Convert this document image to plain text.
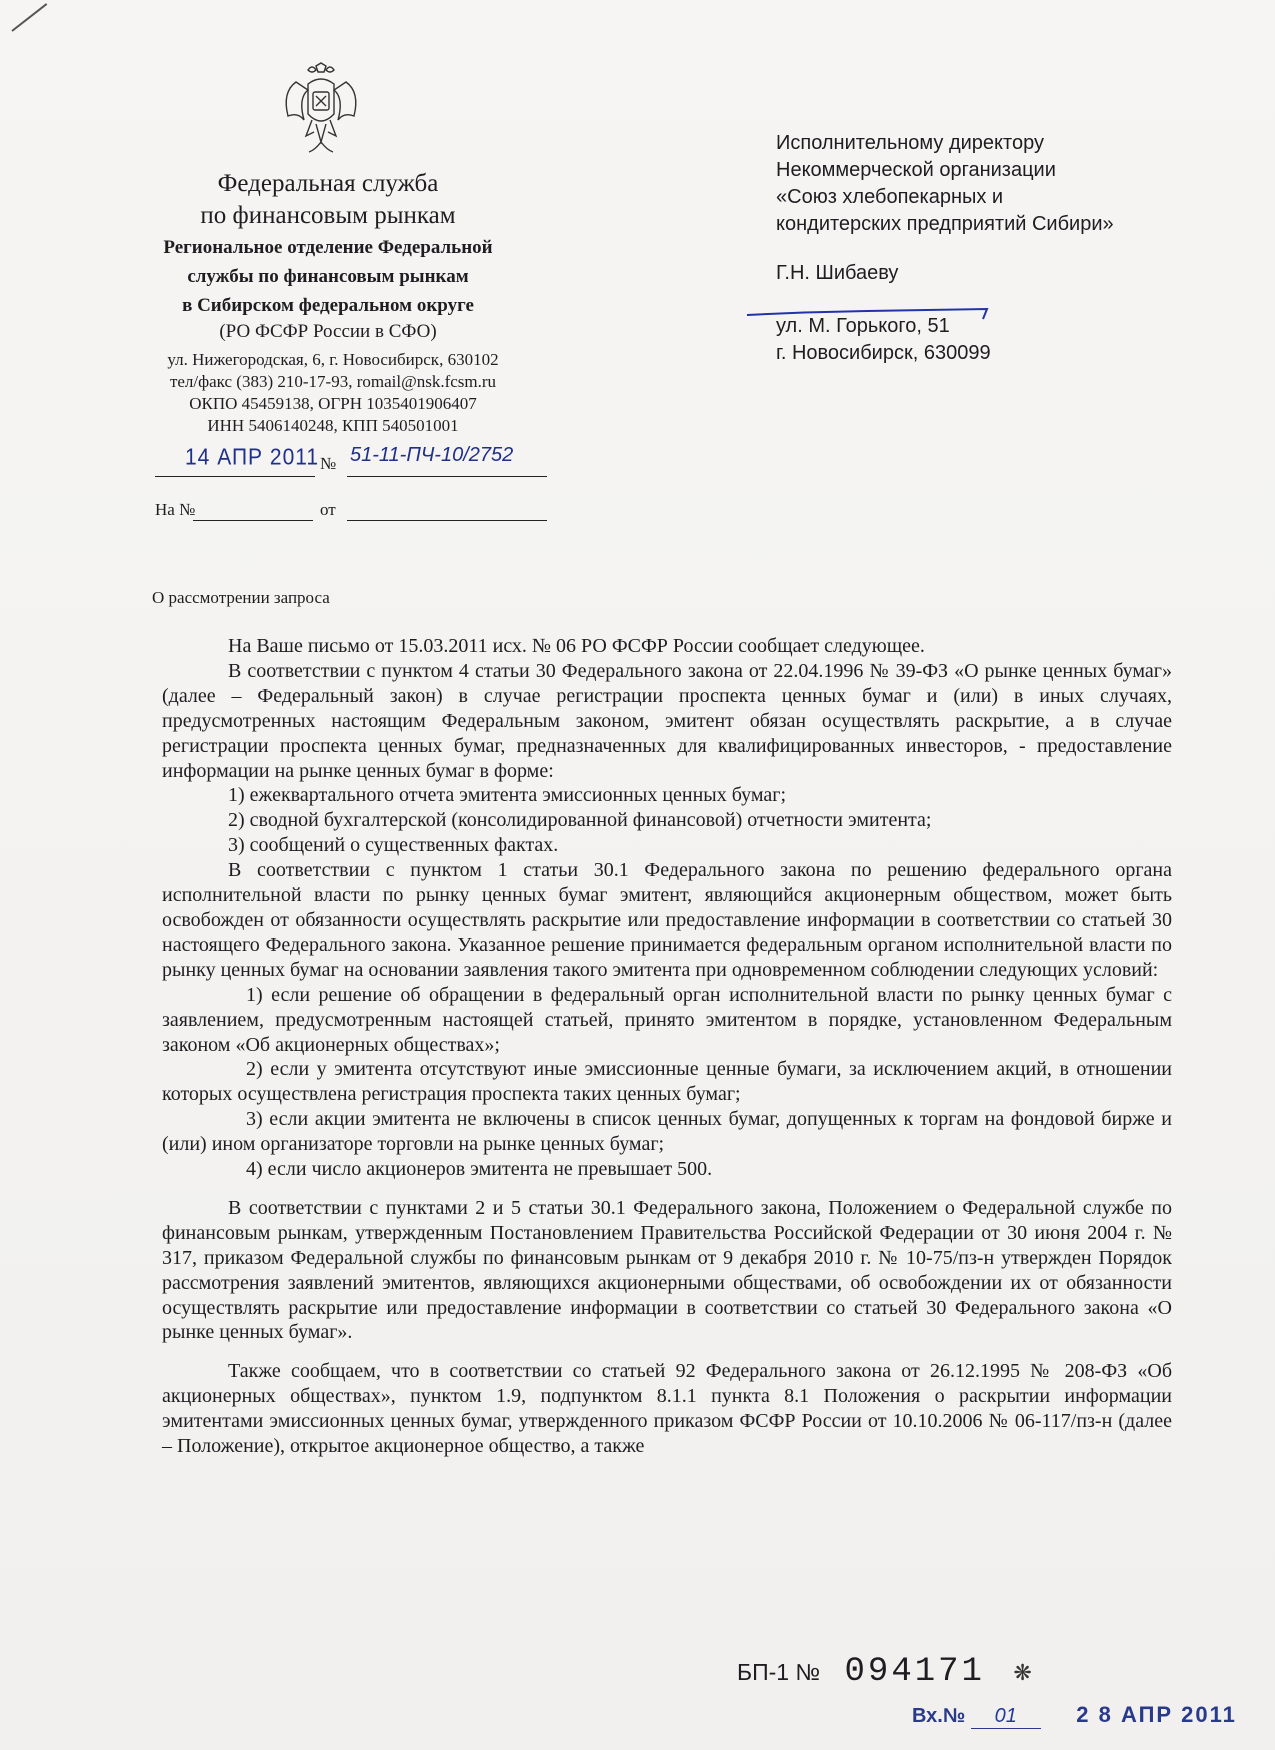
Федеральная служба
по финансовым рынкам
Региональное отделение Федеральной
службы по финансовым рынкам
в Сибирском федеральном округе
(РО ФСФР России в СФО)
ул. Нижегородская, 6, г. Новосибирск, 630102
тел/факс (383) 210-17-93, romail@nsk.fcsm.ru
ОКПО 45459138, ОГРН 1035401906407
ИНН 5406140248, КПП 540501001
14 АПР 2011 № 51-11-ПЧ-10/2752
На №	от
О рассмотрении запроса
Исполнительному директору
Некоммерческой организации
«Союз хлебопекарных и
кондитерских предприятий Сибири»
Г.Н. Шибаеву
ул. М. Горького, 51
г. Новосибирск, 630099

На Ваше письмо от 15.03.2011 исх. № 06 РО ФСФР России сообщает следующее.

В соответствии с пунктом 4 статьи 30 Федерального закона от 22.04.1996 № 39-ФЗ «О рынке ценных бумаг» (далее – Федеральный закон) в случае регистрации проспекта ценных бумаг и (или) в иных случаях, предусмотренных настоящим Федеральным законом, эмитент обязан осуществлять раскрытие, а в случае регистрации проспекта ценных бумаг, предназначенных для квалифицированных инвесторов, - предоставление информации на рынке ценных бумаг в форме:

1) ежеквартального отчета эмитента эмиссионных ценных бумаг;

2) сводной бухгалтерской (консолидированной финансовой) отчетности эмитента;

3) сообщений о существенных фактах.

В соответствии с пунктом 1 статьи 30.1 Федерального закона по решению федерального органа исполнительной власти по рынку ценных бумаг эмитент, являющийся акционерным обществом, может быть освобожден от обязанности осуществлять раскрытие или предоставление информации в соответствии со статьей 30 настоящего Федерального закона. Указанное решение принимается федеральным органом исполнительной власти по рынку ценных бумаг на основании заявления такого эмитента при одновременном соблюдении следующих условий:

1) если решение об обращении в федеральный орган исполнительной власти по рынку ценных бумаг с заявлением, предусмотренным настоящей статьей, принято эмитентом в порядке, установленном Федеральным законом «Об акционерных обществах»;

2) если у эмитента отсутствуют иные эмиссионные ценные бумаги, за исключением акций, в отношении которых осуществлена регистрация проспекта таких ценных бумаг;

3) если акции эмитента не включены в список ценных бумаг, допущенных к торгам на фондовой бирже и (или) ином организаторе торговли на рынке ценных бумаг;

4) если число акционеров эмитента не превышает 500.

В соответствии с пунктами 2 и 5 статьи 30.1 Федерального закона, Положением о Федеральной службе по финансовым рынкам, утвержденным Постановлением Правительства Российской Федерации от 30 июня 2004 г. № 317, приказом Федеральной службы по финансовым рынкам от 9 декабря 2010 г. № 10-75/пз-н утвержден Порядок рассмотрения заявлений эмитентов, являющихся акционерными обществами, об освобождении их от обязанности осуществлять раскрытие или предоставление информации в соответствии со статьей 30 Федерального закона «О рынке ценных бумаг».

Также сообщаем, что в соответствии со статьей 92 Федерального закона от 26.12.1995 № 208-ФЗ «Об акционерных обществах», пунктом 1.9, подпунктом 8.1.1 пункта 8.1 Положения о раскрытии информации эмитентами эмиссионных ценных бумаг, утвержденного приказом ФСФР России от 10.10.2006 № 06-117/пз-н (далее – Положение), открытое акционерное общество, а также

БП-1 № 094171 ❋
Вх.№ 01	2 8 АПР 2011
